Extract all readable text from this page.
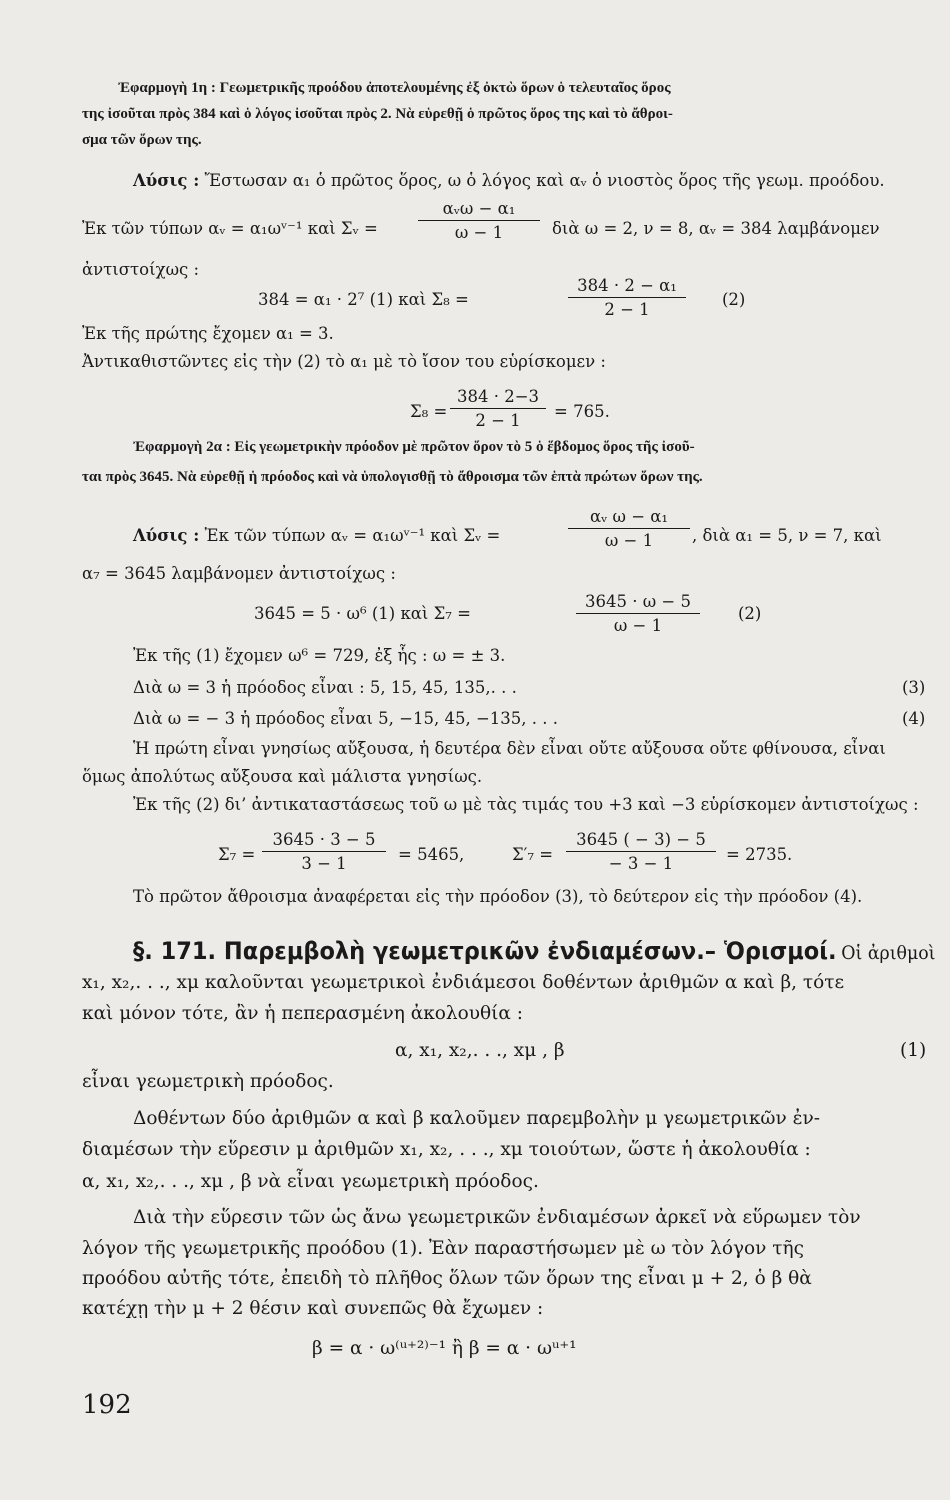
Ἐφαρμογὴ 1η : Γεωμετρικῆς προόδου ἀποτελουμένης ἐξ ὀκτὼ ὅρων ὁ τελευταῖος ὅρος
της ἰσοῦται πρὸς 384 καὶ ὁ λόγος ἰσοῦται πρὸς 2. Νὰ εὑρεθῇ ὁ πρῶτος ὅρος της καὶ τὸ ἄθροι-
σμα τῶν ὅρων της.
Λύσις : Ἔστωσαν α₁ ὁ πρῶτος ὅρος, ω ὁ λόγος καὶ αᵥ ὁ νιοστὸς ὅρος τῆς γεωμ. προόδου.
Ἐκ τῶν τύπων αᵥ = α₁ωᵛ⁻¹ καὶ Σᵥ =
αᵥω − α₁
ω − 1	διὰ ω = 2, ν = 8, αᵥ = 384 λαμβάνομεν
ἀντιστοίχως :
384 = α₁ · 2⁷ (1) καὶ Σ₈ =	$\frac{\text{384 · 2 − α₁}}{2 - 1} (2)$
Ἐκ τῆς πρώτης ἔχομεν α₁ = 3.
Ἀντικαθιστῶντες εἰς τὴν (2) τὸ α₁ μὲ τὸ ἴσον του εὑρίσκομεν :
$\Sigma_8 = \frac{384 \cdot 2-3}{2 - 1} = 765$.
Ἐφαρμογὴ 2α : Εἰς γεωμετρικὴν πρόοδον μὲ πρῶτον ὅρον τὸ 5 ὁ ἕβδομος ὅρος τῆς ἰσοῦ-
ται πρὸς 3645. Νὰ εὑρεθῇ ἡ πρόοδος καὶ νὰ ὑπολογισθῇ τὸ ἄθροισμα τῶν ἑπτὰ πρώτων ὅρων της.
Λύσις : Ἐκ τῶν τύπων αᵥ = α₁ωᵛ⁻¹ καὶ Σᵥ =	$\frac{\text{αᵥ ω − α₁}}{\omega - 1}$ , διὰ α₁ = 5, ν = 7, καὶ
α₇ = 3645 λαμβάνομεν ἀντιστοίχως :
3645 = 5 · ω⁶ (1) καὶ Σ₇ =	$\frac{3645 \cdot \omega - 5}{\omega - 1} (2)$
Ἐκ τῆς (1) ἔχομεν ω⁶ = 729, ἐξ ἧς : ω = ± 3.
Διὰ ω = 3 ἡ πρόοδος εἶναι : 5, 15, 45, 135,. . .	(3)
Διὰ ω = − 3 ἡ πρόοδος εἶναι 5, −15, 45, −135, . . .	(4)
Ἡ πρώτη εἶναι γνησίως αὔξουσα, ἡ δευτέρα δὲν εἶναι οὔτε αὔξουσα οὔτε φθίνουσα, εἶναι
ὅμως ἀπολύτως αὔξουσα καὶ μάλιστα γνησίως.
Ἐκ τῆς (2) δι’ ἀντικαταστάσεως τοῦ ω μὲ τὰς τιμάς του +3 καὶ −3 εὑρίσκομεν ἀντιστοίχως :
$\Sigma_7 = \frac{3645 \cdot 3 - 5}{3 - 1} = 5465$,	$\Sigma'_7 = \frac{3645 ( - 3) - 5}{- 3 - 1} = 2735$.
Τὸ πρῶτον ἄθροισμα ἀναφέρεται εἰς τὴν πρόοδον (3), τὸ δεύτερον εἰς τὴν πρόοδον (4).
§. 171. Παρεμβολὴ γεωμετρικῶν ἐνδιαμέσων.– Ὁρισμοί. Οἱ ἀριθμοὶ
x₁, x₂,. . ., xμ καλοῦνται γεωμετρικοὶ ἐνδιάμεσοι δοθέντων ἀριθμῶν α καὶ β, τότε
καὶ μόνον τότε, ἂν ἡ πεπερασμένη ἀκολουθία :
α, x₁, x₂,. . ., xμ , β	(1)
εἶναι γεωμετρικὴ πρόοδος.
Δοθέντων δύο ἀριθμῶν α καὶ β καλοῦμεν παρεμβολὴν μ γεωμετρικῶν ἐν-
διαμέσων τὴν εὕρεσιν μ ἀριθμῶν x₁, x₂, . . ., xμ τοιούτων, ὥστε ἡ ἀκολουθία :
α, x₁, x₂,. . ., xμ , β νὰ εἶναι γεωμετρικὴ πρόοδος.
Διὰ τὴν εὕρεσιν τῶν ὡς ἄνω γεωμετρικῶν ἐνδιαμέσων ἀρκεῖ νὰ εὕρωμεν τὸν
λόγον τῆς γεωμετρικῆς προόδου (1). Ἐὰν παραστήσωμεν μὲ ω τὸν λόγον τῆς
προόδου αὐτῆς τότε, ἐπειδὴ τὸ πλῆθος ὅλων τῶν ὅρων της εἶναι μ + 2, ὁ β θὰ
κατέχῃ τὴν μ + 2 θέσιν καὶ συνεπῶς θὰ ἔχωμεν :
β = α · ω⁽ᵘ⁺²⁾⁻¹ ἢ β = α · ωᵘ⁺¹
192
